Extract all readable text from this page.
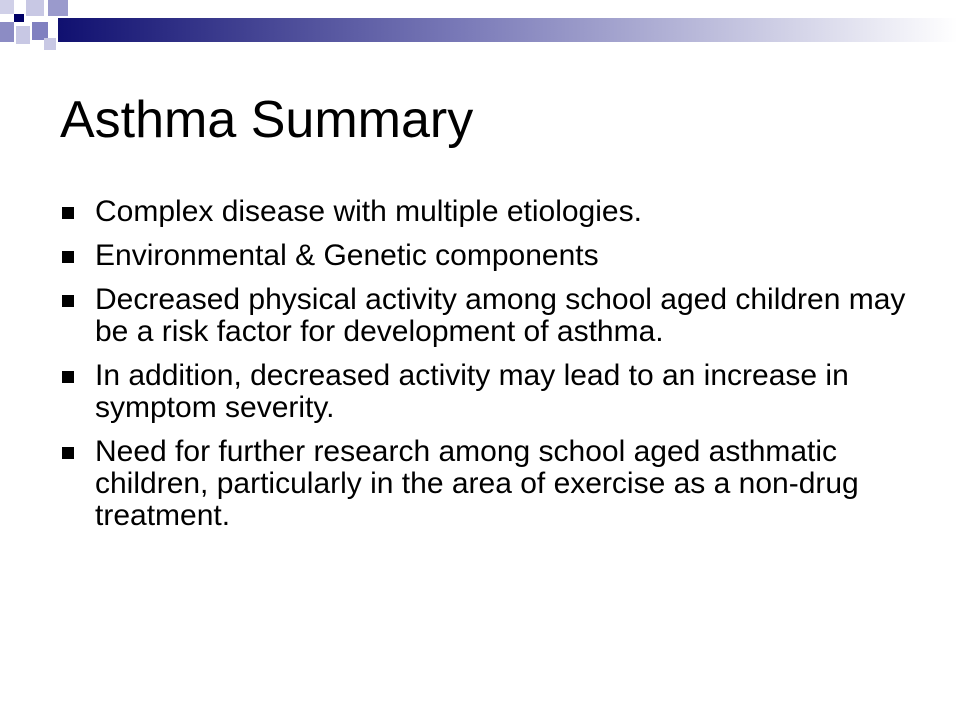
Asthma Summary
Complex disease with multiple etiologies.
Environmental & Genetic components
Decreased physical activity among school aged children may be a risk factor for development of asthma.
In addition, decreased activity may lead to an increase in symptom severity.
Need for further research among school aged asthmatic children, particularly in the area of exercise as a non-drug treatment.
